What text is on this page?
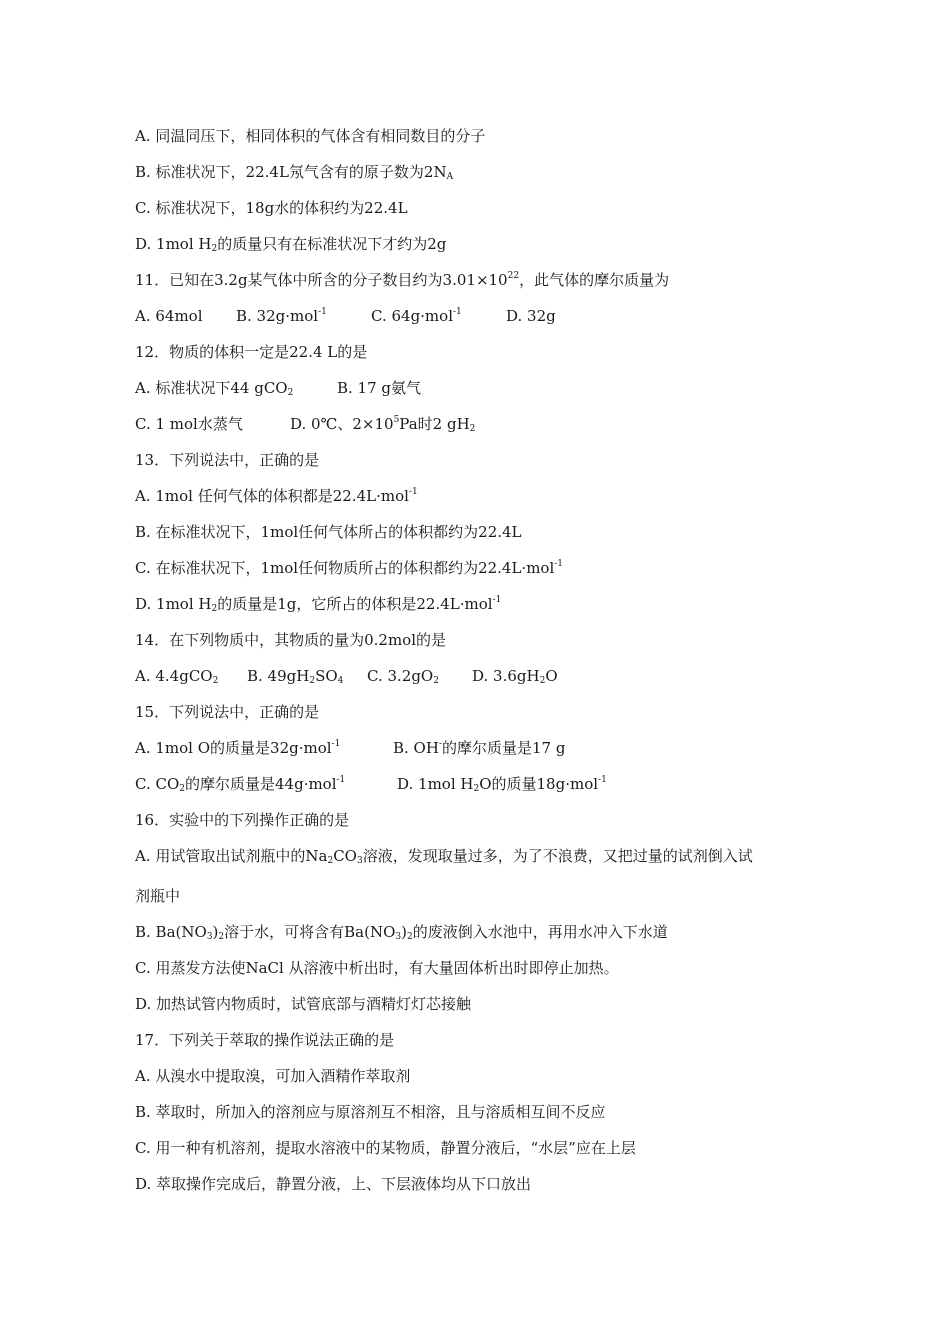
A. 同温同压下，相同体积的气体含有相同数目的分子
B. 标准状况下，22.4L氖气含有的原子数为$2N_A$
C. 标准状况下，18g水的体积约为22.4L
D. 1mol $H_2$的质量只有在标准状况下才约为2g
11．已知在3.2g某气体中所含的分子数目约为$3.01\times 10^{22}$，此气体的摩尔质量为
A. 64mol B. 32g·mol$^{-1}$	C. 64g·mol$^{-1}$	D. 32g
12．物质的体积一定是22.4 L的是
A. 标准状况下44 gCO$_2$	B. 17 g氨气
C. 1 mol水蒸气	D. 0℃、$2\times 10^5Pa$时2 $gH_2$
13．下列说法中，正确的是
A. 1mol 任何气体的体积都是22.4L·mol$^{-1}$
B. 在标准状况下，1mol任何气体所占的体积都约为22.4L
C. 在标准状况下，1mol任何物质所占的体积都约为22.4L·mol$^{-1}$
D. 1mol $H_2$的质量是1g，它所占的体积是22.4L·mol$^{-1}$
14．在下列物质中，其物质的量为0.2mol的是
A. 4.4gCO$_2$ B. $49gH_2SO_4$ C. $3.2gO_2$ D. $3.6gH_2O$
15．下列说法中，正确的是
A. 1mol O的质量是32g·mol$^{-1}$	B. OH-的摩尔质量是17 g
C. $CO_2$的摩尔质量是44g·mol$^{-1}$	D. 1mol $H_2O$的质量18g·mol$^{-1}$
16．实验中的下列操作正确的是
A. 用试管取出试剂瓶中的$Na_2CO_3$溶液，发现取量过多，为了不浪费，又把过量的试剂倒入试
剂瓶中
B. $Ba(NO_3)_2$溶于水，可将含有$Ba(NO_3)_2$的废液倒入水池中，再用水冲入下水道
C. 用蒸发方法使NaCl 从溶液中析出时，有大量固体析出时即停止加热。
D. 加热试管内物质时，试管底部与酒精灯灯芯接触
17．下列关于萃取的操作说法正确的是
A. 从溴水中提取溴，可加入酒精作萃取剂
B. 萃取时，所加入的溶剂应与原溶剂互不相溶，且与溶质相互间不反应
C. 用一种有机溶剂，提取水溶液中的某物质，静置分液后，“水层”应在上层
D. 萃取操作完成后，静置分液，上、下层液体均从下口放出
